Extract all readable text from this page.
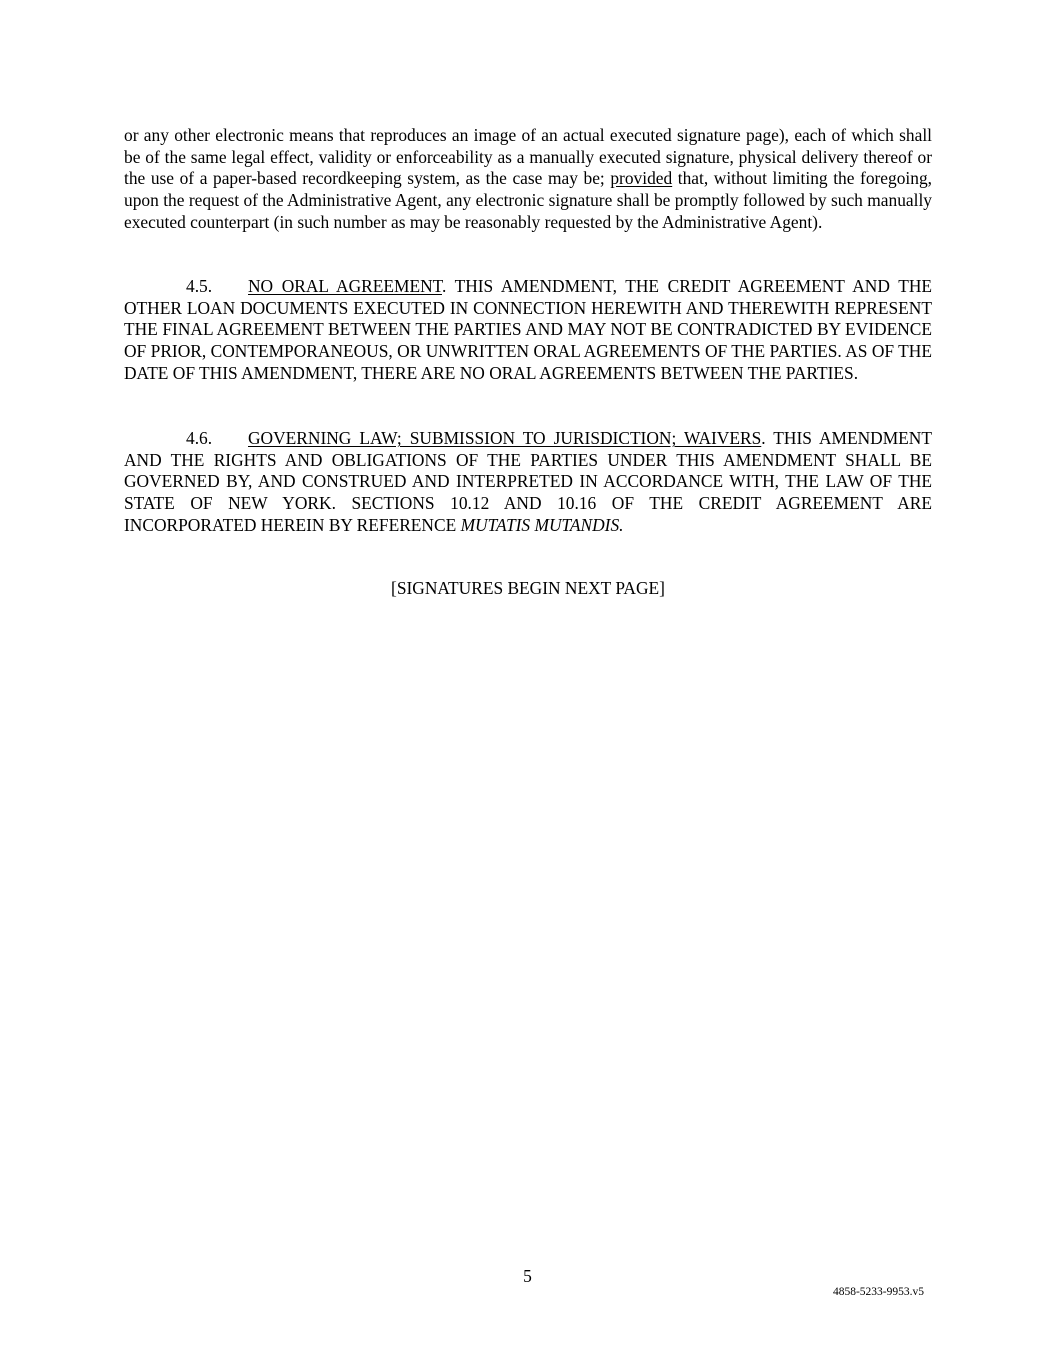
or any other electronic means that reproduces an image of an actual executed signature page), each of which shall be of the same legal effect, validity or enforceability as a manually executed signature, physical delivery thereof or the use of a paper-based recordkeeping system, as the case may be; provided that, without limiting the foregoing, upon the request of the Administrative Agent, any electronic signature shall be promptly followed by such manually executed counterpart (in such number as may be reasonably requested by the Administrative Agent).

4.5. NO ORAL AGREEMENT. THIS AMENDMENT, THE CREDIT AGREEMENT AND THE OTHER LOAN DOCUMENTS EXECUTED IN CONNECTION HEREWITH AND THEREWITH REPRESENT THE FINAL AGREEMENT BETWEEN THE PARTIES AND MAY NOT BE CONTRADICTED BY EVIDENCE OF PRIOR, CONTEMPORANEOUS, OR UNWRITTEN ORAL AGREEMENTS OF THE PARTIES. AS OF THE DATE OF THIS AMENDMENT, THERE ARE NO ORAL AGREEMENTS BETWEEN THE PARTIES.

4.6. GOVERNING LAW; SUBMISSION TO JURISDICTION; WAIVERS. THIS AMENDMENT AND THE RIGHTS AND OBLIGATIONS OF THE PARTIES UNDER THIS AMENDMENT SHALL BE GOVERNED BY, AND CONSTRUED AND INTERPRETED IN ACCORDANCE WITH, THE LAW OF THE STATE OF NEW YORK. SECTIONS 10.12 AND 10.16 OF THE CREDIT AGREEMENT ARE INCORPORATED HEREIN BY REFERENCE MUTATIS MUTANDIS.

[SIGNATURES BEGIN NEXT PAGE]
5
4858-5233-9953.v5
